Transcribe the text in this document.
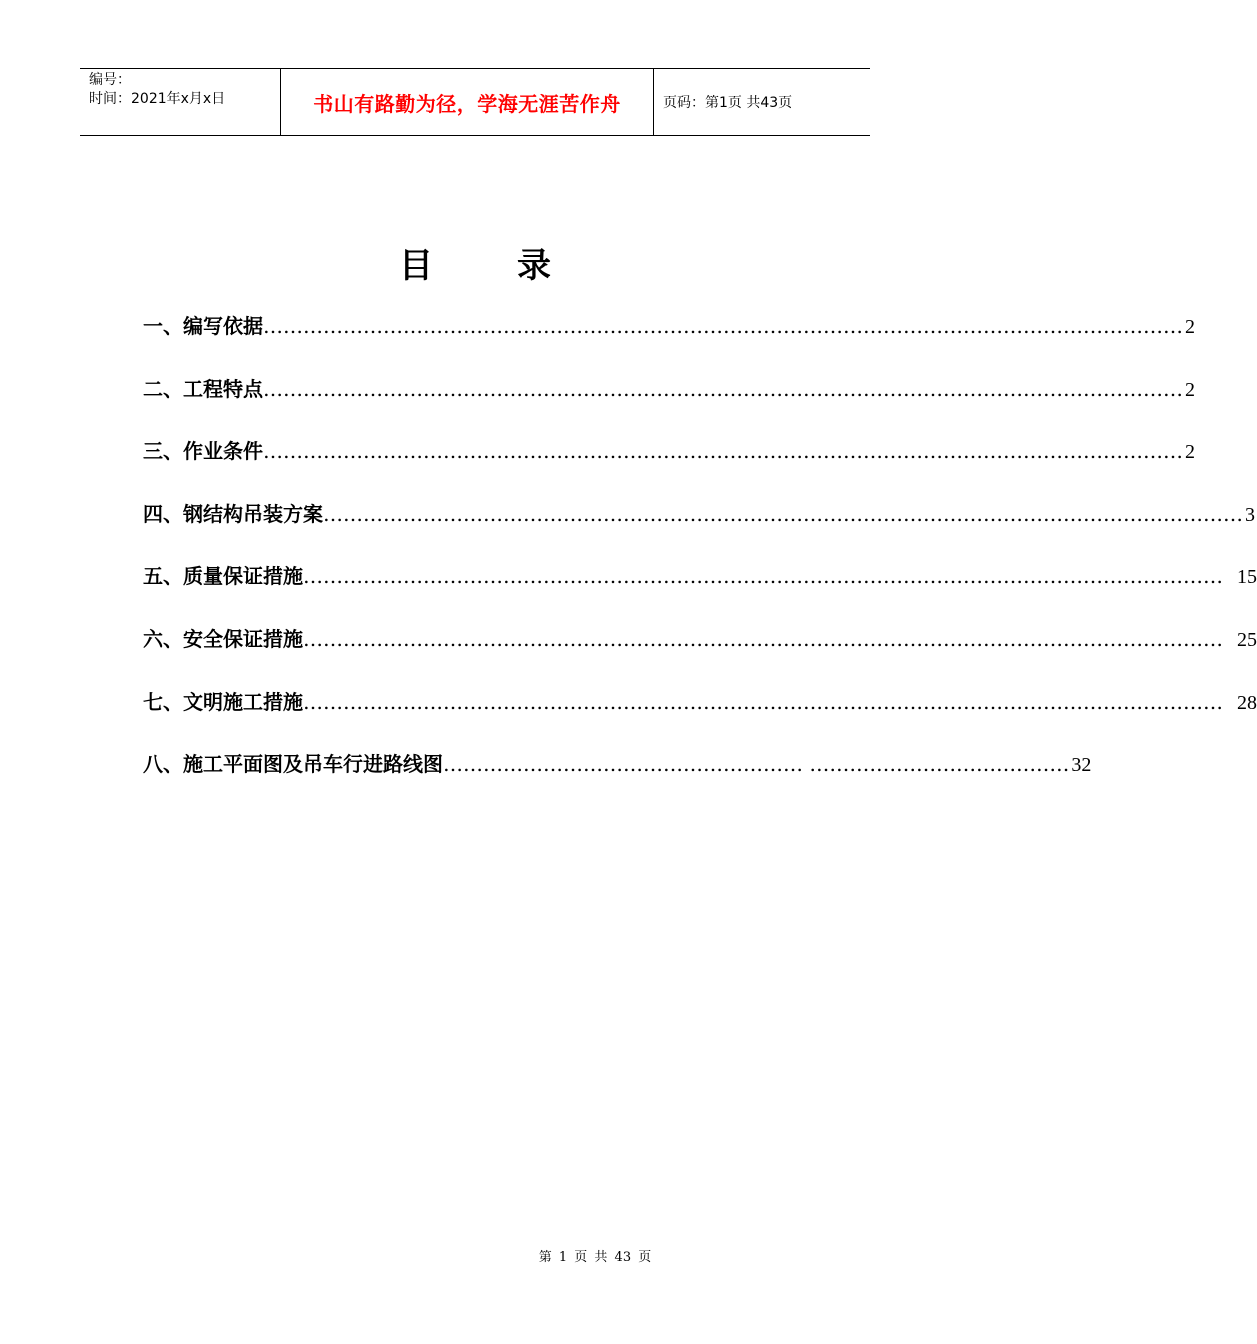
编号：
时间：2021年x月x日	书山有路勤为径，学海无涯苦作舟	页码：第1页 共43页
目录
一、编写依据 ………………………………………………………………………………………………………………………… 2
二、工程特点 ………………………………………………………………………………………………………………………… 2
三、作业条件 ………………………………………………………………………………………………………………………… 2
四、钢结构吊装方案 ………………………………………………………………………………………………………………………… 3
五、质量保证措施 ………………………………………………………………………………………………………………………… 15
六、安全保证措施 ………………………………………………………………………………………………………………………… 25
七、文明施工措施 ………………………………………………………………………………………………………………………… 28
八、施工平面图及吊车行进路线图 ……………………………………………… ………………………………… 32
第 1 页 共 43 页
